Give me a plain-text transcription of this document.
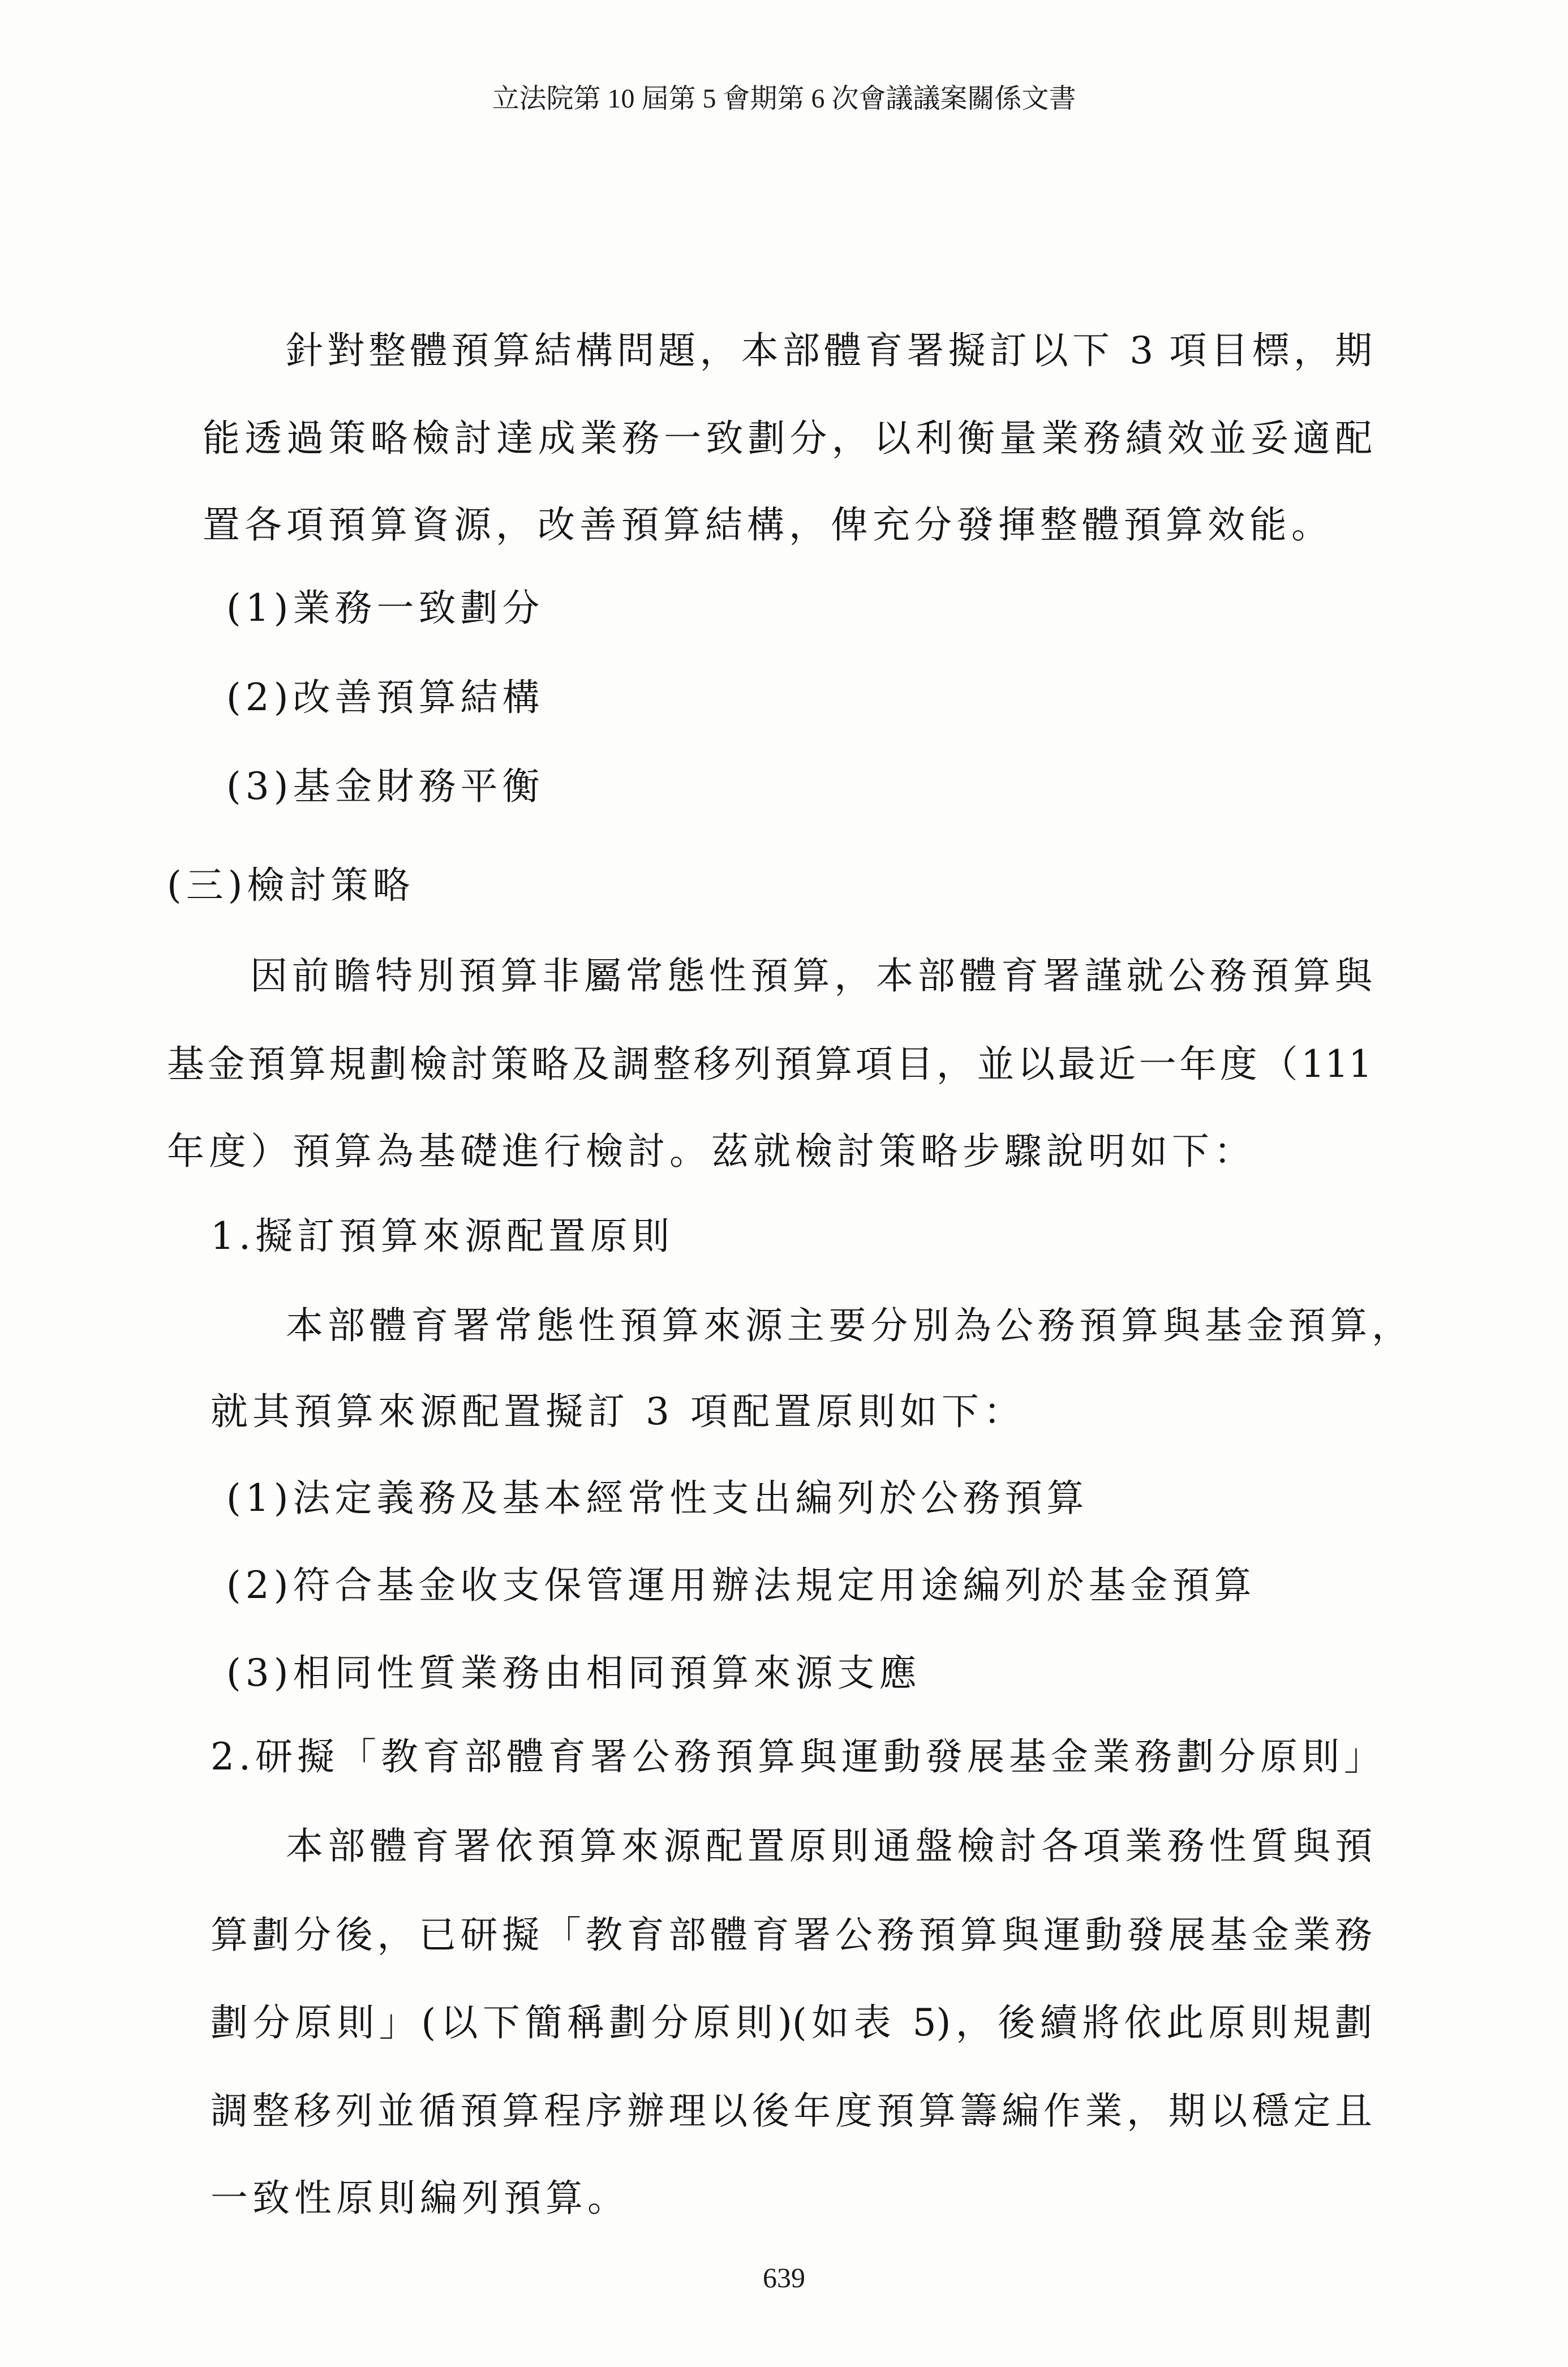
立法院第 10 屆第 5 會期第 6 次會議議案關係文書
針對整體預算結構問題，本部體育署擬訂以下 3 項目標，期
能透過策略檢討達成業務一致劃分，以利衡量業務績效並妥適配
置各項預算資源，改善預算結構，俾充分發揮整體預算效能。
(1)業務一致劃分
(2)改善預算結構
(3)基金財務平衡
(三)檢討策略
因前瞻特別預算非屬常態性預算，本部體育署謹就公務預算與
基金預算規劃檢討策略及調整移列預算項目，並以最近一年度（111
年度）預算為基礎進行檢討。茲就檢討策略步驟說明如下：
1.擬訂預算來源配置原則
本部體育署常態性預算來源主要分別為公務預算與基金預算，
就其預算來源配置擬訂 3 項配置原則如下：
(1)法定義務及基本經常性支出編列於公務預算
(2)符合基金收支保管運用辦法規定用途編列於基金預算
(3)相同性質業務由相同預算來源支應
2.研擬「教育部體育署公務預算與運動發展基金業務劃分原則」
本部體育署依預算來源配置原則通盤檢討各項業務性質與預
算劃分後，已研擬「教育部體育署公務預算與運動發展基金業務
劃分原則」(以下簡稱劃分原則)(如表 5)，後續將依此原則規劃
調整移列並循預算程序辦理以後年度預算籌編作業，期以穩定且
一致性原則編列預算。
639
